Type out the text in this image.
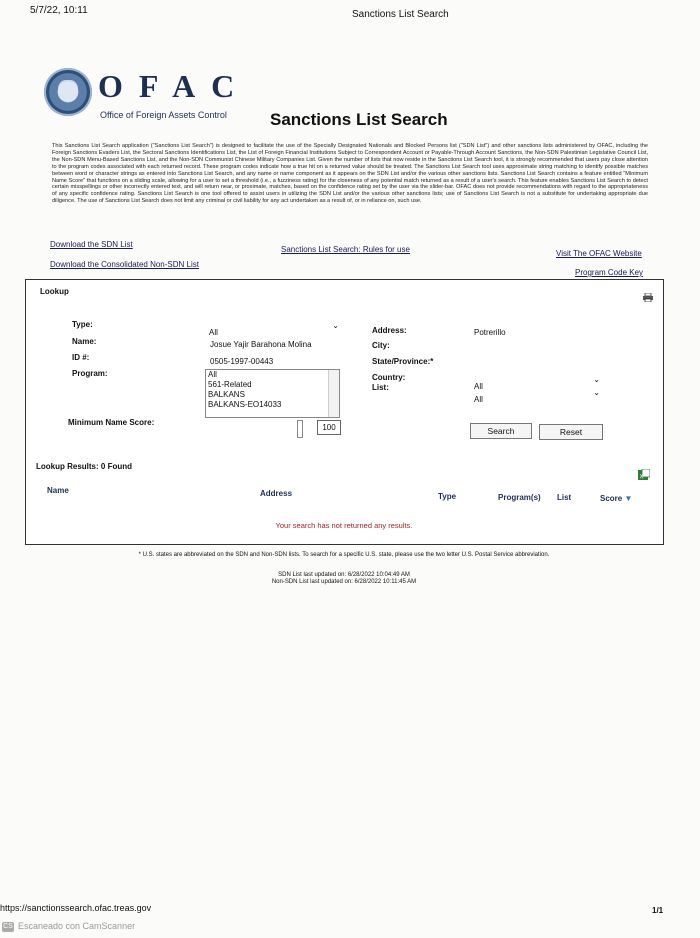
5/7/22, 10:11	Sanctions List Search
OFAC
Office of Foreign Assets Control	Sanctions List Search
This Sanctions List Search application ("Sanctions List Search") is designed to facilitate the use of the Specially Designated Nationals and Blocked Persons list ("SDN List") and other sanctions lists administered by OFAC, including the Foreign Sanctions Evaders List, the Sectoral Sanctions Identifications List, the List of Foreign Financial Institutions Subject to Correspondent Account or Payable-Through Account Sanctions, the Non-SDN Palestinian Legislative Council List, the Non-SDN Menu-Based Sanctions List, and the Non-SDN Communist Chinese Military Companies List. Given the number of lists that now reside in the Sanctions List Search tool, it is strongly recommended that users pay close attention to the program codes associated with each returned record. These program codes indicate how a true hit on a returned value should be treated. The Sanctions List Search tool uses approximate string matching to identify possible matches between word or character strings as entered into Sanctions List Search, and any name or name component as it appears on the SDN List and/or the various other sanctions lists. Sanctions List Search contains a feature entitled "Minimum Name Score" that functions on a sliding scale, allowing for a user to set a threshold (i.e., a fuzziness rating) for the closeness of any potential match returned as a result of a user's search. This feature enables Sanctions List Search to detect certain misspellings or other incorrectly entered text, and will return near, or proximate, matches, based on the confidence rating set by the user via the slider-bar. OFAC does not provide recommendations with regard to the appropriateness of any specific confidence rating. Sanctions List Search is one tool offered to assist users in utilizing the SDN List and/or the various other sanctions lists; use of Sanctions List Search is not a substitute for undertaking appropriate due diligence. The use of Sanctions List Search does not limit any criminal or civil liability for any act undertaken as a result of, or in reliance on, such use.
Download the SDN List
Sanctions List Search: Rules for use	Visit The OFAC Website
Download the Consolidated Non-SDN List
Program Code Key
Lookup
Type:
All
⌄
Name:	Josue Yajir Barahona Molina
ID #:	0505-1997-00443
Program:	All
561-Related
BALKANS
BALKANS-EO14033
Minimum Name Score:
100
Address:	Potrerillo
City:
State/Province:*
Country:
All
⌄
List:
All
⌄
Search	Reset
Lookup Results: 0 Found
X
Name	Address	Type	Program(s) List	Score ▼
Your search has not returned any results.
* U.S. states are abbreviated on the SDN and Non-SDN lists. To search for a specific U.S. state, please use the two letter U.S. Postal Service abbreviation.
SDN List last updated on: 6/28/2022 10:04:49 AM
Non-SDN List last updated on: 6/28/2022 10:11:45 AM
https://sanctionssearch.ofac.treas.gov	1/1
CS Escaneado con CamScanner
